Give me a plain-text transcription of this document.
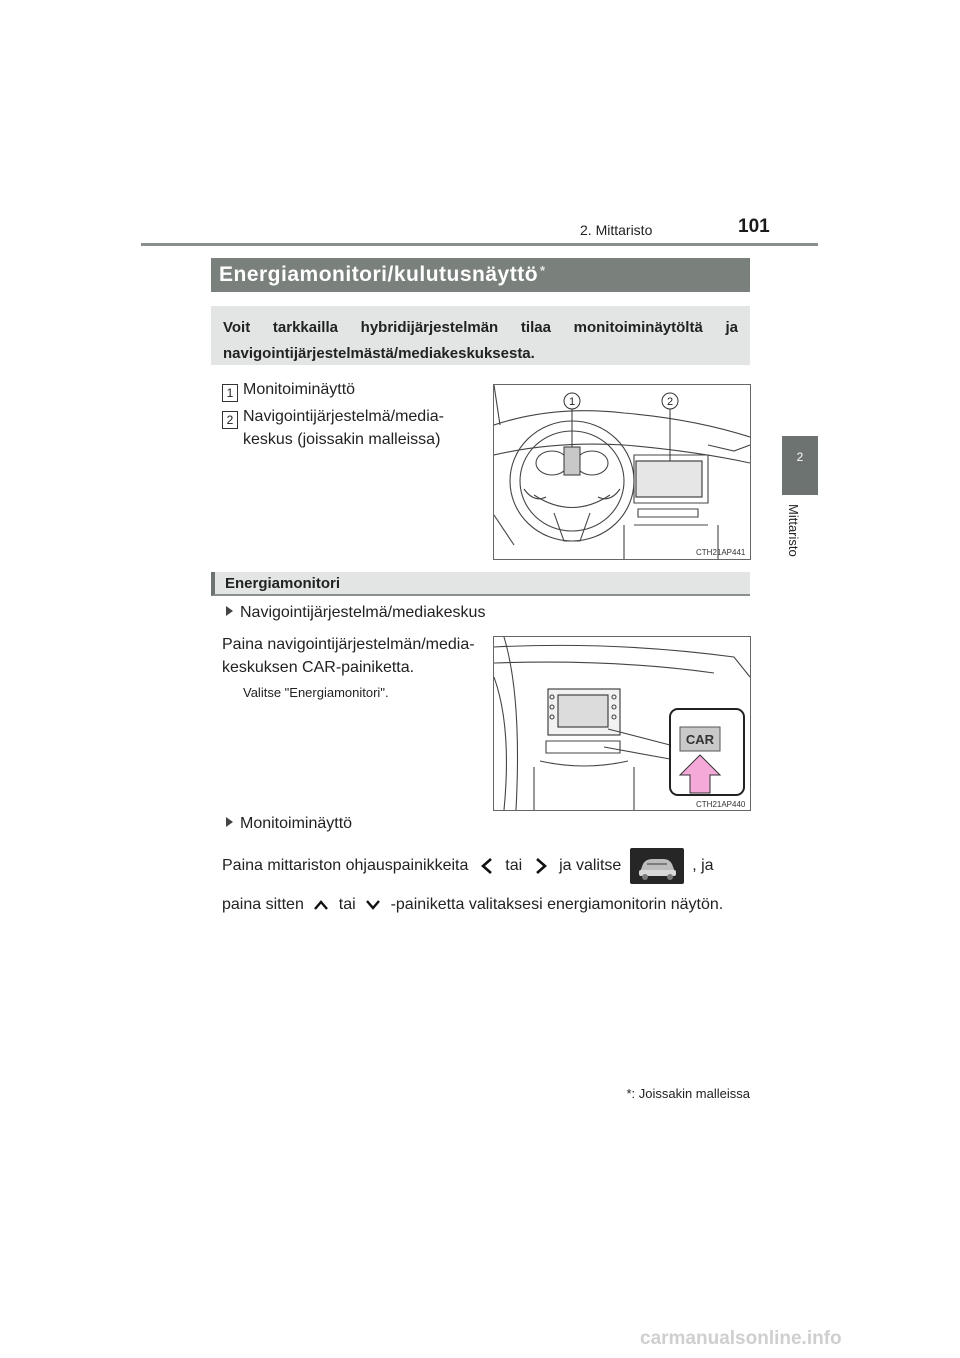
2. Mittaristo	101
2
Mittaristo
Energiamonitori/kulutusnäyttö *

Voit tarkkailla hybridijärjestelmän tilaa monitoiminäytöltä ja navigointijärjestelmästä/mediakeskuksesta.

1 Monitoiminäyttö
2 Navigointijärjestelmä/media-
keskus (joissakin malleissa)
1	2
CTH21AP441
Energiamonitori
Navigointijärjestelmä/mediakeskus
Paina navigointijärjestelmän/media-
keskuksen CAR-painiketta.
Valitse "Energiamonitori".
CAR
CTH21AP440
Monitoiminäyttö
Paina mittariston ohjauspainikkeita tai ja valitse	, ja
paina sitten tai -painiketta valitaksesi energiamonitorin näytön.
*: Joissakin malleissa
carmanualsonline.info
